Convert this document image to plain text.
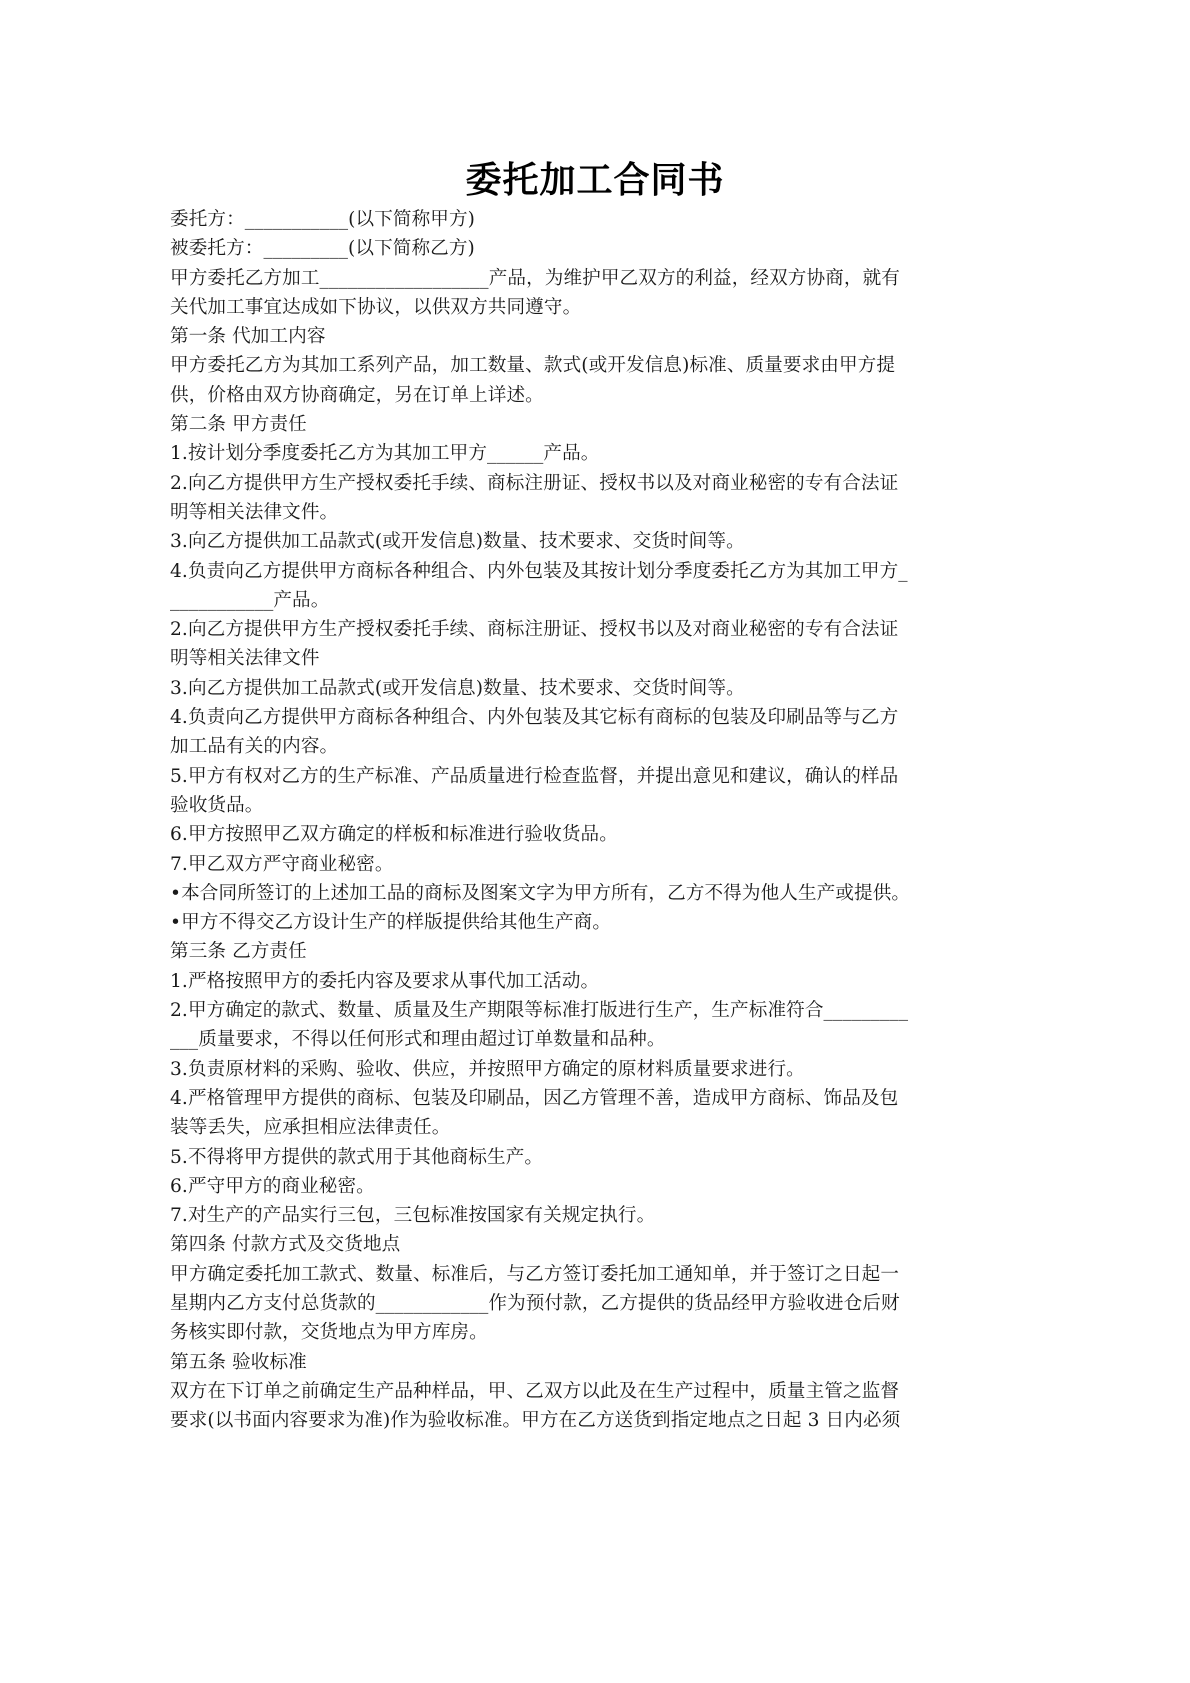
委托加工合同书
委托方：___________(以下简称甲方)
被委托方：_________(以下简称乙方)
甲方委托乙方加工__________________产品，为维护甲乙双方的利益，经双方协商，就有
关代加工事宜达成如下协议，以供双方共同遵守。
第一条 代加工内容
甲方委托乙方为其加工系列产品，加工数量、款式(或开发信息)标准、质量要求由甲方提
供，价格由双方协商确定，另在订单上详述。
第二条 甲方责任
1.按计划分季度委托乙方为其加工甲方______产品。
2.向乙方提供甲方生产授权委托手续、商标注册证、授权书以及对商业秘密的专有合法证
明等相关法律文件。
3.向乙方提供加工品款式(或开发信息)数量、技术要求、交货时间等。
4.负责向乙方提供甲方商标各种组合、内外包装及其按计划分季度委托乙方为其加工甲方_
___________产品。
2.向乙方提供甲方生产授权委托手续、商标注册证、授权书以及对商业秘密的专有合法证
明等相关法律文件
3.向乙方提供加工品款式(或开发信息)数量、技术要求、交货时间等。
4.负责向乙方提供甲方商标各种组合、内外包装及其它标有商标的包装及印刷品等与乙方
加工品有关的内容。
5.甲方有权对乙方的生产标准、产品质量进行检查监督，并提出意见和建议，确认的样品
验收货品。
6.甲方按照甲乙双方确定的样板和标准进行验收货品。
7.甲乙双方严守商业秘密。
•本合同所签订的上述加工品的商标及图案文字为甲方所有，乙方不得为他人生产或提供。
•甲方不得交乙方设计生产的样版提供给其他生产商。
第三条 乙方责任
1.严格按照甲方的委托内容及要求从事代加工活动。
2.甲方确定的款式、数量、质量及生产期限等标准打版进行生产，生产标准符合_________
___质量要求，不得以任何形式和理由超过订单数量和品种。
3.负责原材料的采购、验收、供应，并按照甲方确定的原材料质量要求进行。
4.严格管理甲方提供的商标、包装及印刷品，因乙方管理不善，造成甲方商标、饰品及包
装等丢失，应承担相应法律责任。
5.不得将甲方提供的款式用于其他商标生产。
6.严守甲方的商业秘密。
7.对生产的产品实行三包，三包标准按国家有关规定执行。
第四条 付款方式及交货地点
甲方确定委托加工款式、数量、标准后，与乙方签订委托加工通知单，并于签订之日起一
星期内乙方支付总货款的____________作为预付款，乙方提供的货品经甲方验收进仓后财
务核实即付款，交货地点为甲方库房。
第五条 验收标准
双方在下订单之前确定生产品种样品，甲、乙双方以此及在生产过程中，质量主管之监督
要求(以书面内容要求为准)作为验收标准。甲方在乙方送货到指定地点之日起 3 日内必须
